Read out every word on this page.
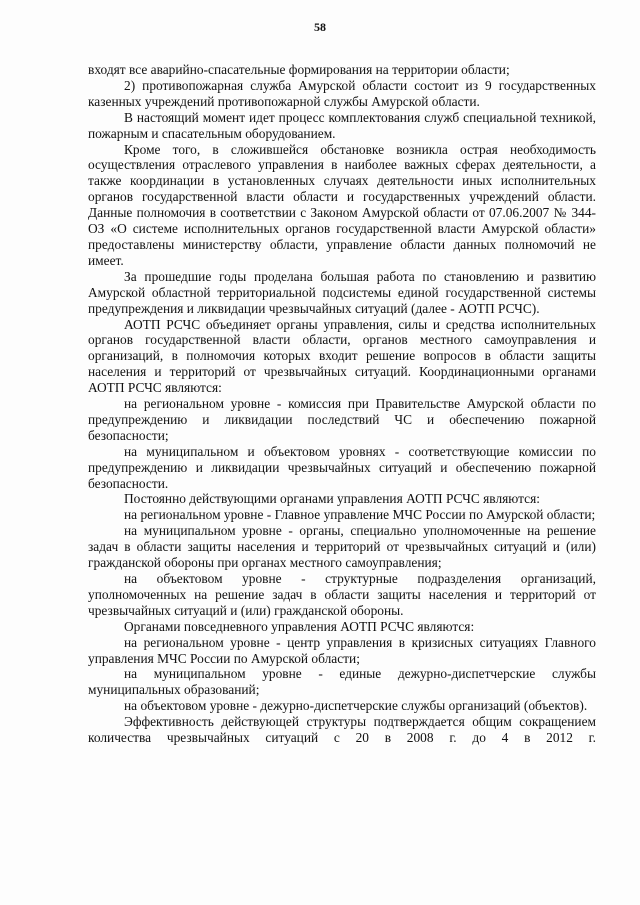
58

входят все аварийно-спасательные формирования на территории области;

2) противопожарная служба Амурской области состоит из 9 государственных казенных учреждений противопожарной службы Амурской области.

В настоящий момент идет процесс комплектования служб специальной техникой, пожарным и спасательным оборудованием.

Кроме того, в сложившейся обстановке возникла острая необходимость осуществления отраслевого управления в наиболее важных сферах деятельности, а также координации в установленных случаях деятельности иных исполнительных органов государственной власти области и государственных учреждений области. Данные полномочия в соответствии с Законом Амурской области от 07.06.2007 № 344-ОЗ «О системе исполнительных органов государственной власти Амурской области» предоставлены министерству области, управление области данных полномочий не имеет.

За прошедшие годы проделана большая работа по становлению и развитию Амурской областной территориальной подсистемы единой государственной системы предупреждения и ликвидации чрезвычайных ситуаций (далее - АОТП РСЧС).

АОТП РСЧС объединяет органы управления, силы и средства исполнительных органов государственной власти области, органов местного самоуправления и организаций, в полномочия которых входит решение вопросов в области защиты населения и территорий от чрезвычайных ситуаций. Координационными органами АОТП РСЧС являются:

на региональном уровне - комиссия при Правительстве Амурской области по предупреждению и ликвидации последствий ЧС и обеспечению пожарной безопасности;

на муниципальном и объектовом уровнях - соответствующие комиссии по предупреждению и ликвидации чрезвычайных ситуаций и обеспечению пожарной безопасности.

Постоянно действующими органами управления АОТП РСЧС являются:

на региональном уровне - Главное управление МЧС России по Амурской области;

на муниципальном уровне - органы, специально уполномоченные на решение задач в области защиты населения и территорий от чрезвычайных ситуаций и (или) гражданской обороны при органах местного самоуправления;

на объектовом уровне - структурные подразделения организаций, уполномоченных на решение задач в области защиты населения и территорий от чрезвычайных ситуаций и (или) гражданской обороны.

Органами повседневного управления АОТП РСЧС являются:

на региональном уровне - центр управления в кризисных ситуациях Главного управления МЧС России по Амурской области;

на муниципальном уровне - единые дежурно-диспетчерские службы муниципальных образований;

на объектовом уровне - дежурно-диспетчерские службы организаций (объектов).

Эффективность действующей структуры подтверждается общим сокращением количества чрезвычайных ситуаций с 20 в 2008 г. до 4 в 2012 г.
